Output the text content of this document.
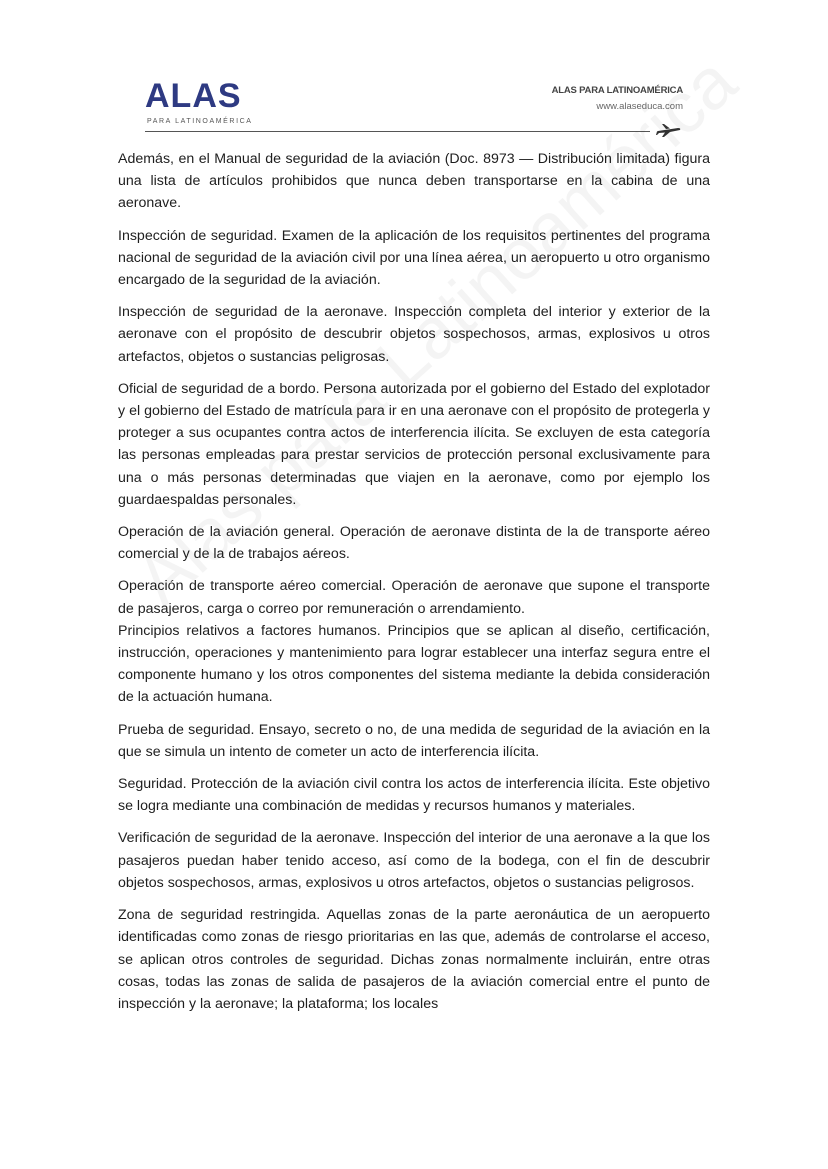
ALAS
PARA LATINOAMÉRICA
ALAS PARA LATINOAMÉRICA
www.alaseduca.com

Además, en el Manual de seguridad de la aviación (Doc. 8973 — Distribución limitada) figura una lista de artículos prohibidos que nunca deben transportarse en la cabina de una aeronave.

Inspección de seguridad. Examen de la aplicación de los requisitos pertinentes del programa nacional de seguridad de la aviación civil por una línea aérea, un aeropuerto u otro organismo encargado de la seguridad de la aviación.

Inspección de seguridad de la aeronave. Inspección completa del interior y exterior de la aeronave con el propósito de descubrir objetos sospechosos, armas, explosivos u otros artefactos, objetos o sustancias peligrosas.

Oficial de seguridad de a bordo. Persona autorizada por el gobierno del Estado del explotador y el gobierno del Estado de matrícula para ir en una aeronave con el propósito de protegerla y proteger a sus ocupantes contra actos de interferencia ilícita. Se excluyen de esta categoría las personas empleadas para prestar servicios de protección personal exclusivamente para una o más personas determinadas que viajen en la aeronave, como por ejemplo los guardaespaldas personales.

Operación de la aviación general. Operación de aeronave distinta de la de transporte aéreo comercial y de la de trabajos aéreos.

Operación de transporte aéreo comercial. Operación de aeronave que supone el transporte de pasajeros, carga o correo por remuneración o arrendamiento.

Principios relativos a factores humanos. Principios que se aplican al diseño, certificación, instrucción, operaciones y mantenimiento para lograr establecer una interfaz segura entre el componente humano y los otros componentes del sistema mediante la debida consideración de la actuación humana.

Prueba de seguridad. Ensayo, secreto o no, de una medida de seguridad de la aviación en la que se simula un intento de cometer un acto de interferencia ilícita.

Seguridad. Protección de la aviación civil contra los actos de interferencia ilícita. Este objetivo se logra mediante una combinación de medidas y recursos humanos y materiales.

Verificación de seguridad de la aeronave. Inspección del interior de una aeronave a la que los pasajeros puedan haber tenido acceso, así como de la bodega, con el fin de descubrir objetos sospechosos, armas, explosivos u otros artefactos, objetos o sustancias peligrosos.

Zona de seguridad restringida. Aquellas zonas de la parte aeronáutica de un aeropuerto identificadas como zonas de riesgo prioritarias en las que, además de controlarse el acceso, se aplican otros controles de seguridad. Dichas zonas normalmente incluirán, entre otras cosas, todas las zonas de salida de pasajeros de la aviación comercial entre el punto de inspección y la aeronave; la plataforma; los locales
